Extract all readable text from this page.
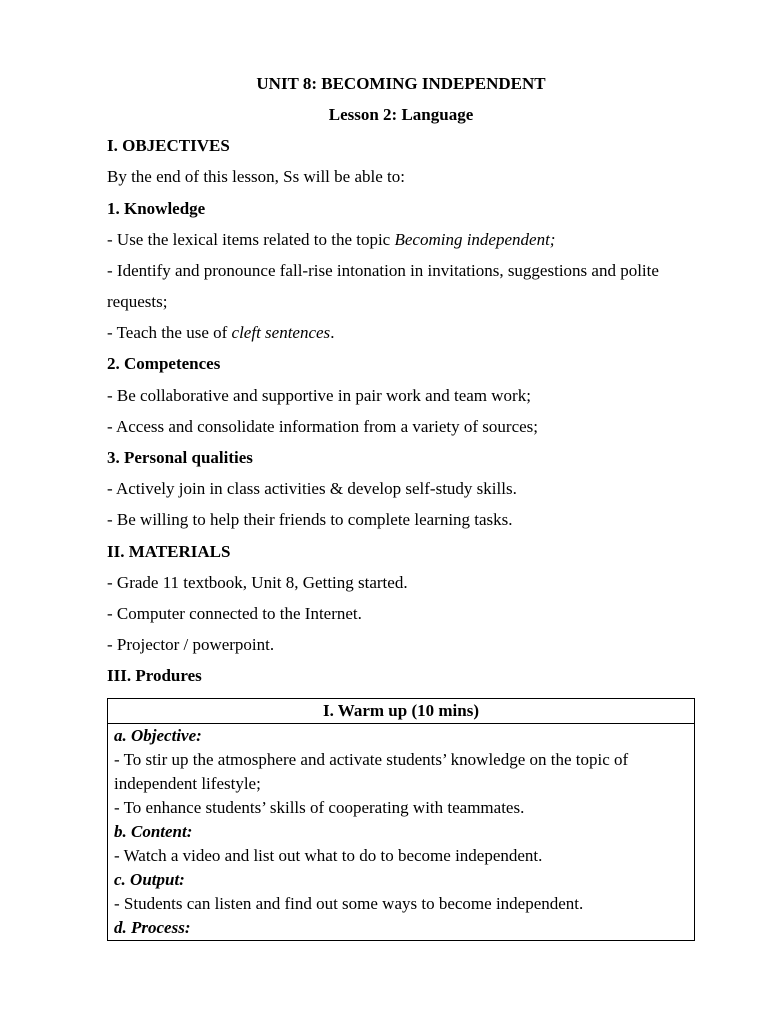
UNIT 8: BECOMING INDEPENDENT
Lesson 2: Language
I. OBJECTIVES
By the end of this lesson, Ss will be able to:
1. Knowledge
- Use the lexical items related to the topic Becoming independent;
- Identify and pronounce fall-rise intonation in invitations, suggestions and polite
requests;
- Teach the use of cleft sentences.
2. Competences
- Be collaborative and supportive in pair work and team work;
- Access and consolidate information from a variety of sources;
3. Personal qualities
- Actively join in class activities & develop self-study skills.
- Be willing to help their friends to complete learning tasks.
II. MATERIALS
- Grade 11 textbook, Unit 8, Getting started.
- Computer connected to the Internet.
- Projector / powerpoint.
III. Produres
I. Warm up (10 mins)

a. Objective:
- To stir up the atmosphere and activate students’ knowledge on the topic of
independent lifestyle;
- To enhance students’ skills of cooperating with teammates.
b. Content:
- Watch a video and list out what to do to become independent.
c. Output:
- Students can listen and find out some ways to become independent.
d. Process:
